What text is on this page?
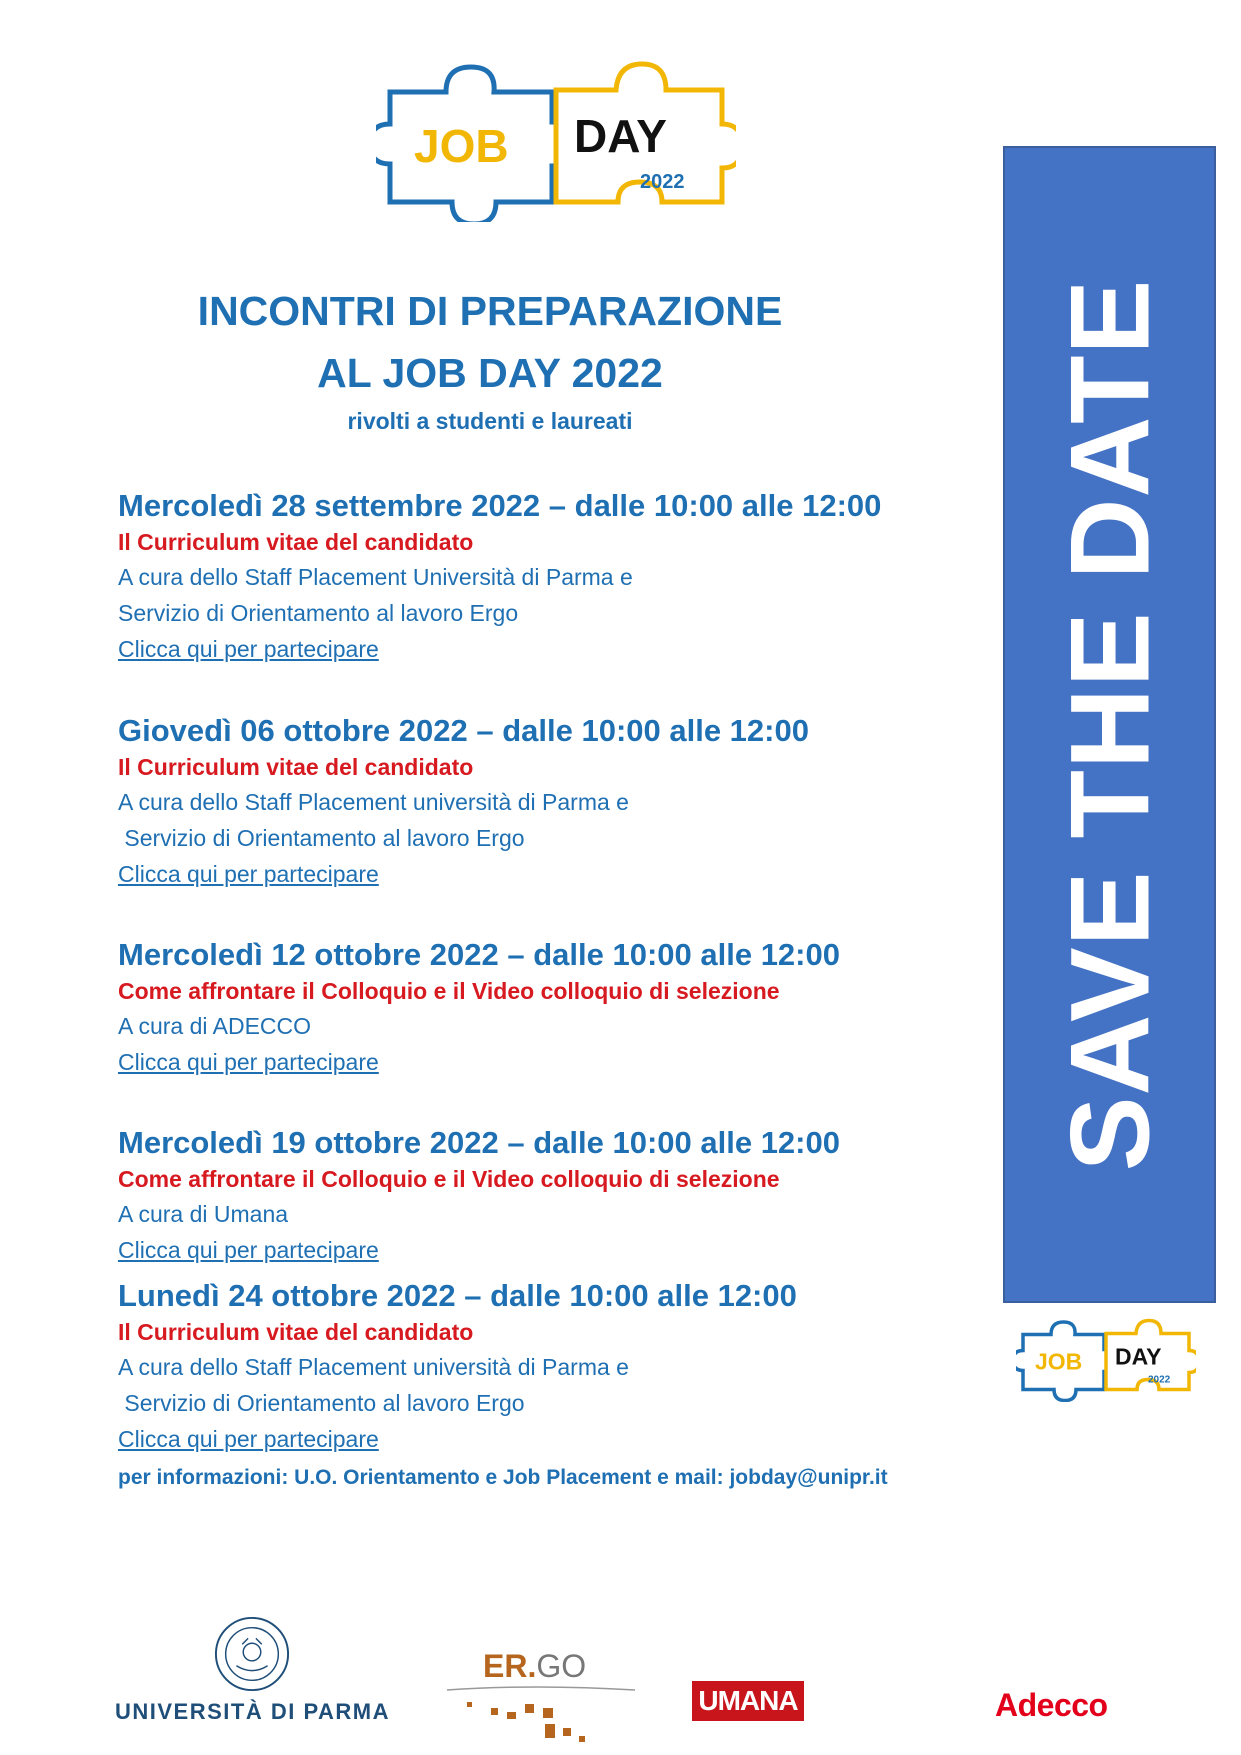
JOB DAY
2022
INCONTRI DI PREPARAZIONE
AL JOB DAY 2022
rivolti a studenti e laureati
Mercoledì 28 settembre 2022 – dalle 10:00 alle 12:00
Il Curriculum vitae del candidato
A cura dello Staff Placement Università di Parma e
Servizio di Orientamento al lavoro Ergo
Clicca qui per partecipare
Giovedì 06 ottobre 2022 – dalle 10:00 alle 12:00
Il Curriculum vitae del candidato
A cura dello Staff Placement università di Parma e
Servizio di Orientamento al lavoro Ergo
Clicca qui per partecipare
Mercoledì 12 ottobre 2022 – dalle 10:00 alle 12:00
Come affrontare il Colloquio e il Video colloquio di selezione
A cura di ADECCO
Clicca qui per partecipare
Mercoledì 19 ottobre 2022 – dalle 10:00 alle 12:00
Come affrontare il Colloquio e il Video colloquio di selezione
A cura di Umana
Clicca qui per partecipare
Lunedì 24 ottobre 2022 – dalle 10:00 alle 12:00
Il Curriculum vitae del candidato
A cura dello Staff Placement università di Parma e
Servizio di Orientamento al lavoro Ergo
Clicca qui per partecipare
per informazioni: U.O. Orientamento e Job Placement e mail: jobday@unipr.it
SAVE THE DATE
JOB DAY
2022
UNIVERSITÀ DI PARMA
ER.GO
UMANA	Adecco
